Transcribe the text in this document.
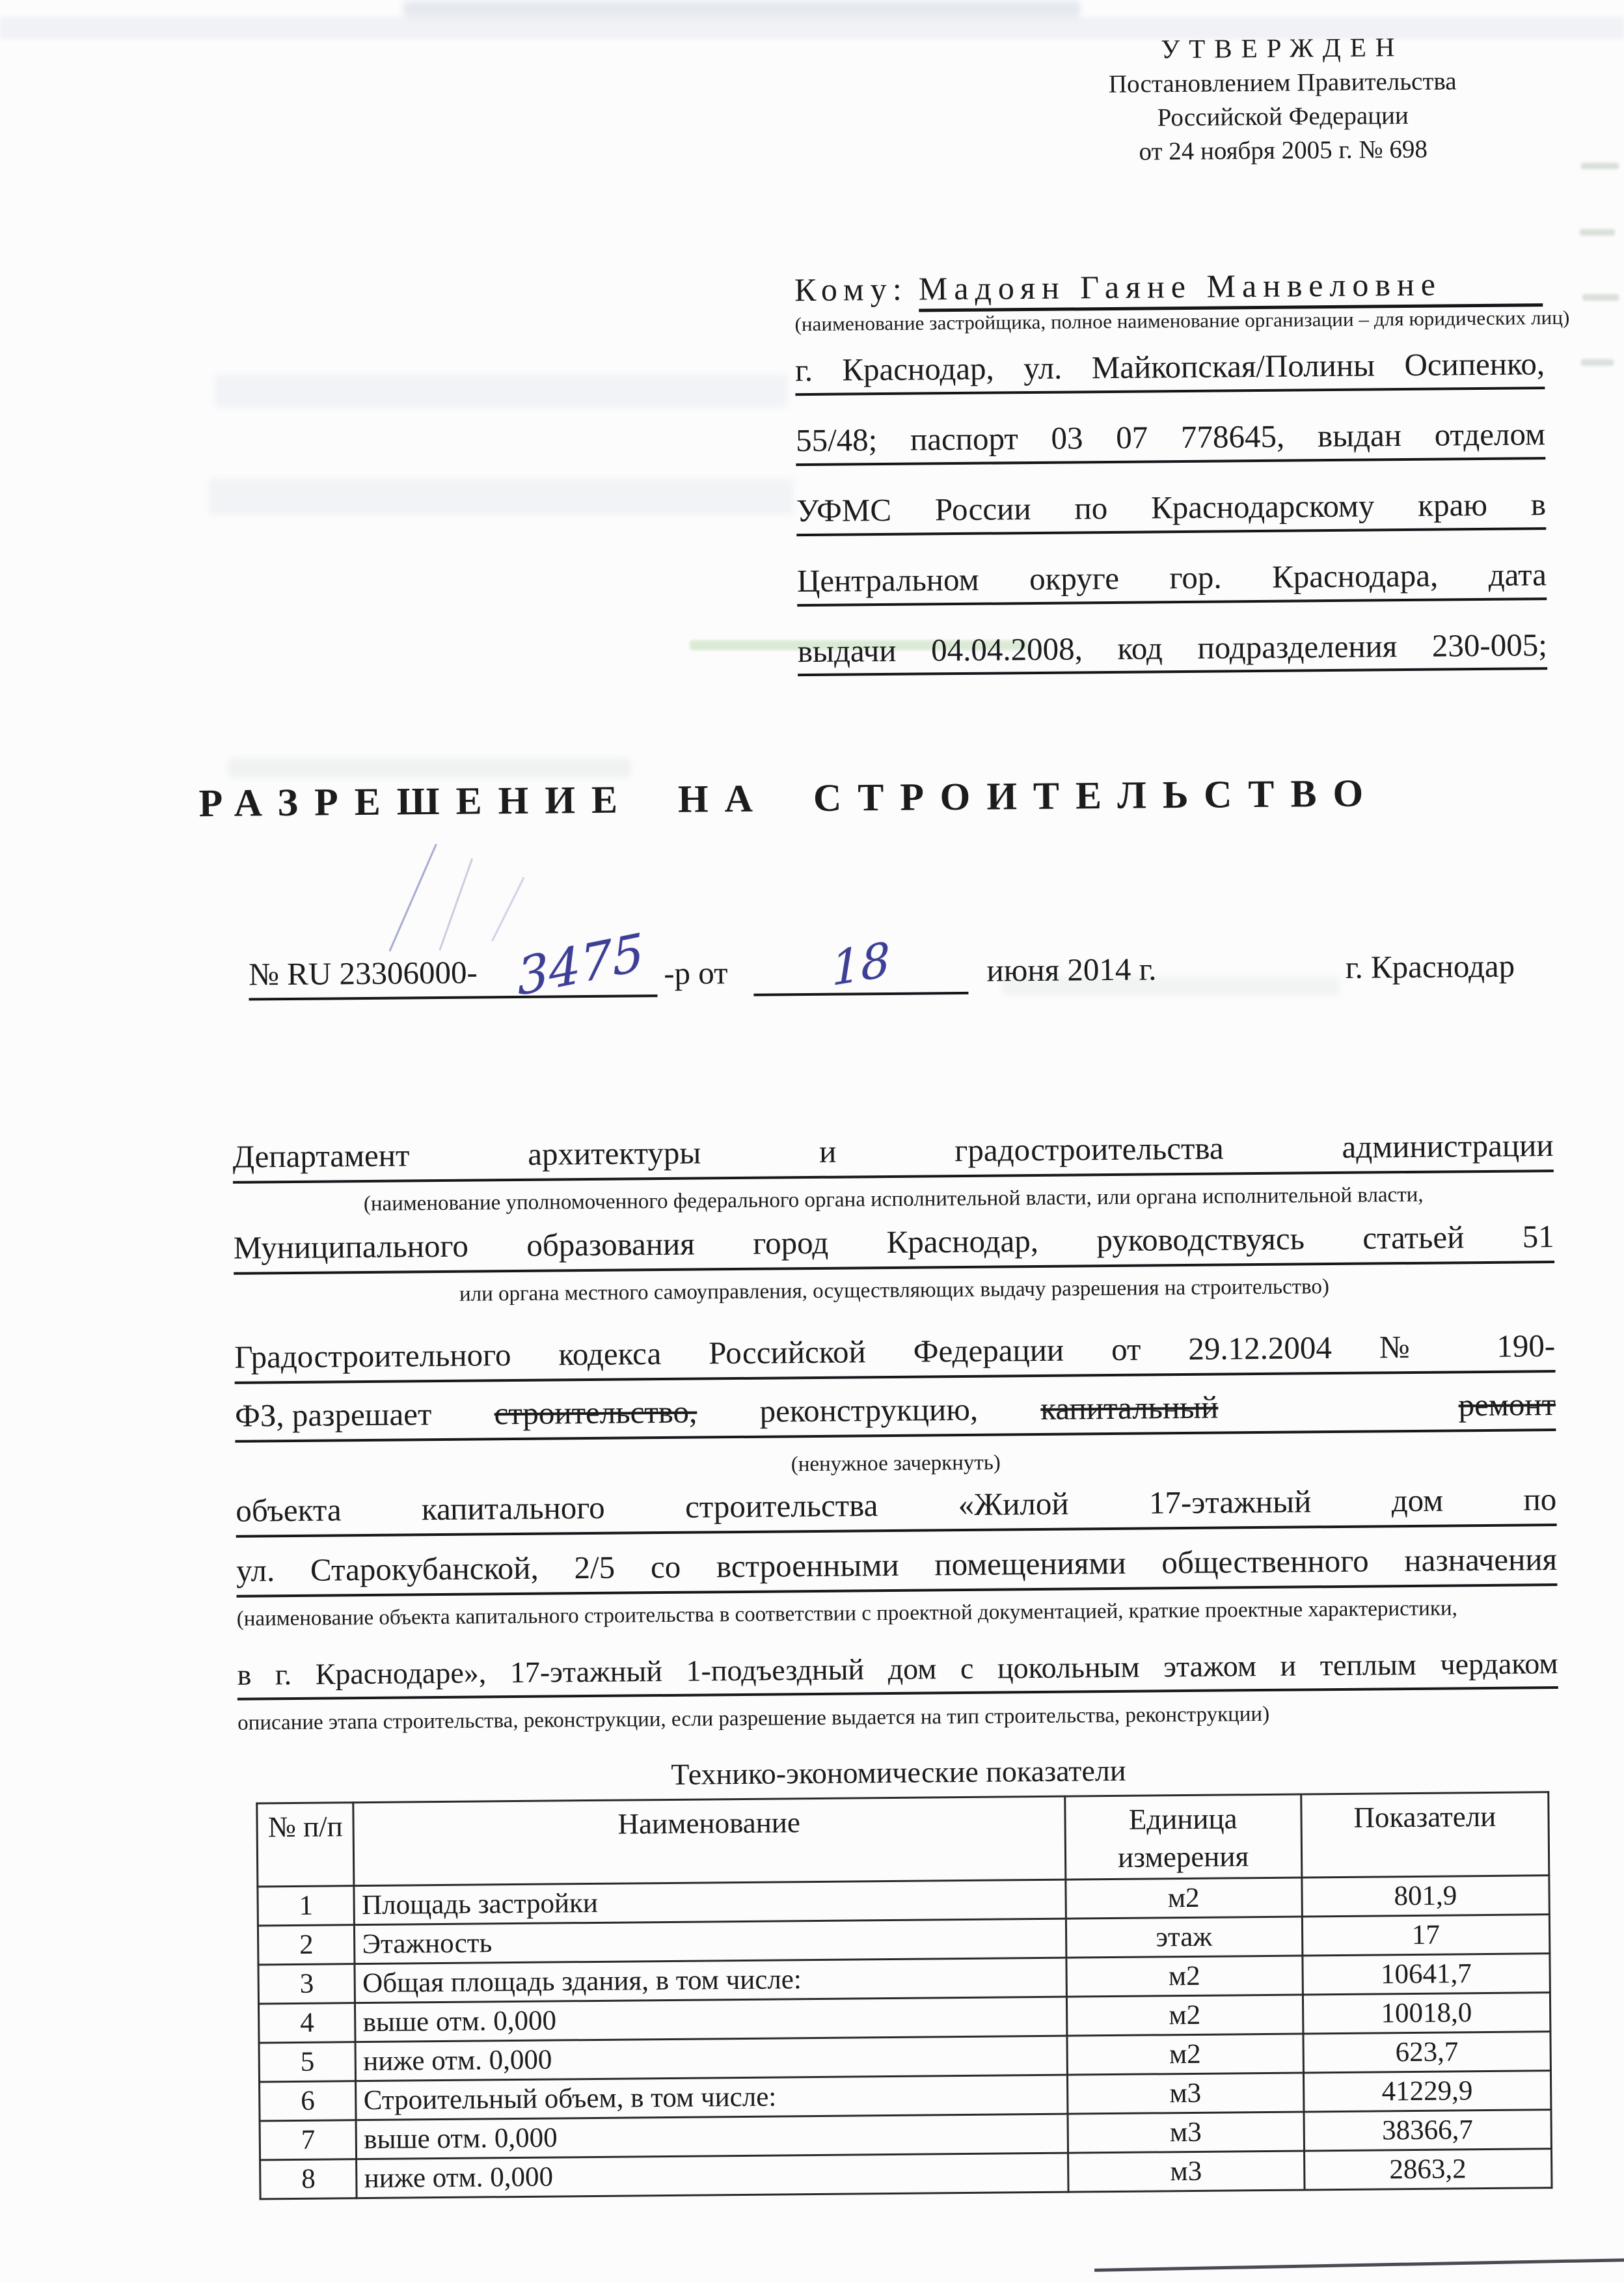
УТВЕРЖДЕН
Постановлением Правительства
Российской Федерации
от 24 ноября 2005 г. № 698
Кому: Мадоян Гаяне Манвеловне
(наименование застройщика, полное наименование организации – для юридических лиц)
г. Краснодар, ул. Майкопская/Полины Осипенко,
55/48; паспорт 03 07 778645, выдан отделом
УФМС России по Краснодарскому краю в
Центральном округе гор. Краснодара, дата
выдачи 04.04.2008, код подразделения 230-005;
РАЗРЕШЕНИЕ НА СТРОИТЕЛЬСТВО
№ RU 23306000- 3475 -р от 18	июня 2014 г.	г. Краснодар
Департамент архитектуры и градостроительства администрации
(наименование уполномоченного федерального органа исполнительной власти, или органа исполнительной власти,
Муниципального образования город Краснодар, руководствуясь статьей 51
или органа местного самоуправления, осуществляющих выдачу разрешения на строительство)
Градостроительного кодекса Российской Федерации от 29.12.2004 № 190-
ФЗ, разрешает строительство, реконструкцию, капитальный	ремонт
(ненужное зачеркнуть)
объекта капитального строительства «Жилой 17-этажный дом по
ул. Старокубанской, 2/5 со встроенными помещениями общественного назначения
(наименование объекта капитального строительства в соответствии с проектной документацией, краткие проектные характеристики,
в г. Краснодаре», 17-этажный 1-подъездный дом с цокольным этажом и теплым чердаком
описание этапа строительства, реконструкции, если разрешение выдается на тип строительства, реконструкции)
Технико-экономические показатели
№ п/п	Наименование	Единица измерения	Показатели
1	Площадь застройки	м2	801,9
2	Этажность	этаж	17
3	Общая площадь здания, в том числе:	м2	10641,7
4	выше отм. 0,000	м2	10018,0
5	ниже отм. 0,000	м2	623,7
6	Строительный объем, в том числе:	м3	41229,9
7	выше отм. 0,000	м3	38366,7
8	ниже отм. 0,000	м3	2863,2
